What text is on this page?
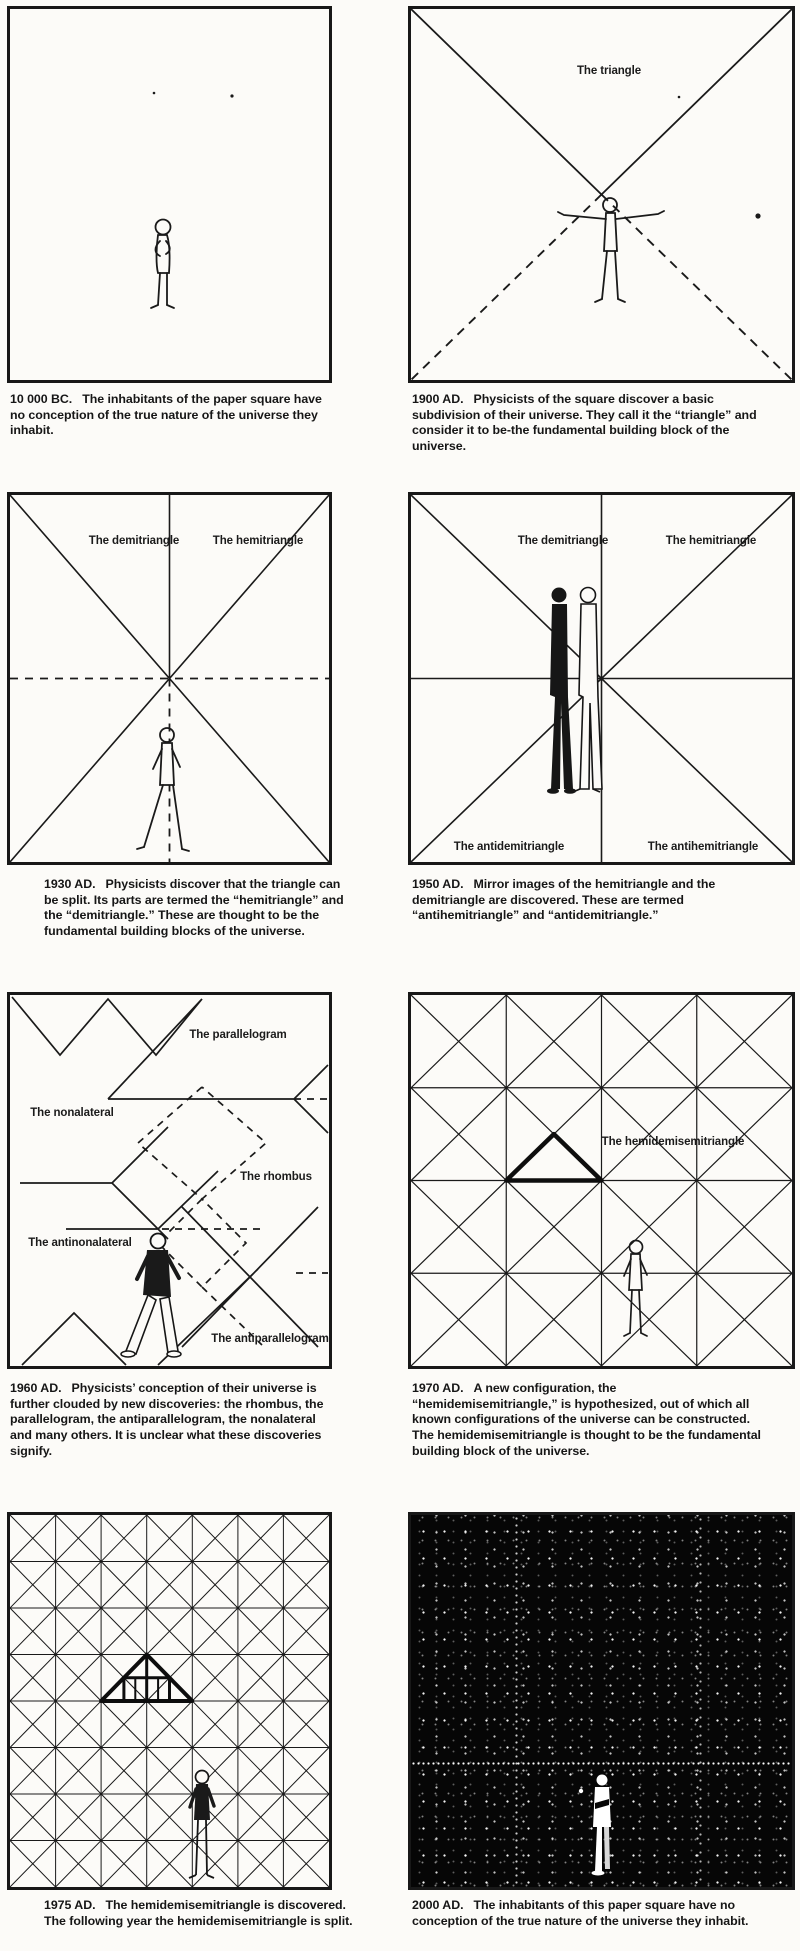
The triangle
10 000 BC. The inhabitants of the paper square have no conception of the true nature of the universe they inhabit.
1900 AD. Physicists of the square discover a basic subdivision of their universe. They call it the “triangle” and consider it to be-the fundamental building block of the universe.
The demitriangle	The hemitriangle	The demitriangle	The hemitriangle
The antidemitriangle	The antihemitriangle
1930 AD. Physicists discover that the triangle can be split. Its parts are termed the “hemitriangle” and the “demitriangle.” These are thought to be the fundamental building blocks of the universe.
1950 AD. Mirror images of the hemitriangle and the demitriangle are discovered. These are termed “antihemitriangle” and “antidemitriangle.”
The parallelogram
The nonalateral
The rhombus
The antinonalateral
The antiparallelogram
The hemidemisemitriangle
1960 AD. Physicists’ conception of their universe is further clouded by new discoveries: the rhombus, the parallelogram, the antiparallelogram, the nonalateral and many others. It is unclear what these discoveries signify.
1970 AD. A new configuration, the “hemidemisemitriangle,” is hypothesized, out of which all known configurations of the universe can be constructed. The hemidemisemitriangle is thought to be the fundamental building block of the universe.
1975 AD. The hemidemisemitriangle is discovered. The following year the hemidemisemitriangle is split.
2000 AD. The inhabitants of this paper square have no conception of the true nature of the universe they inhabit.
